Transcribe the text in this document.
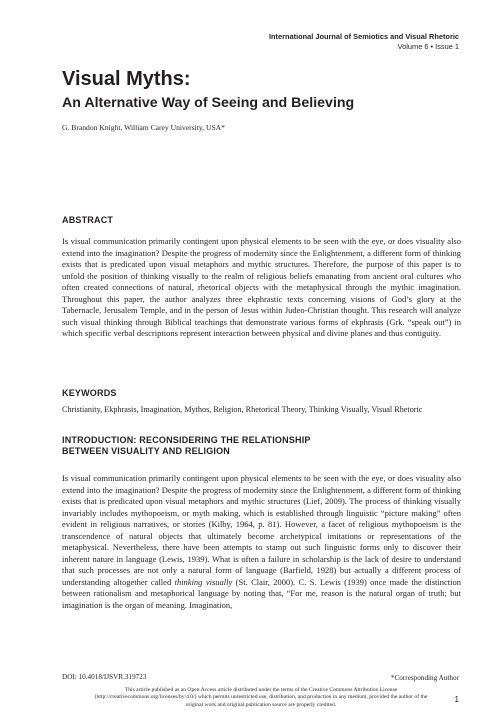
International Journal of Semiotics and Visual Rhetoric
Volume 6 • Issue 1
Visual Myths:
An Alternative Way of Seeing and Believing
G. Brandon Knight, William Carey University, USA*
ABSTRACT

Is visual communication primarily contingent upon physical elements to be seen with the eye, or does visuality also extend into the imagination? Despite the progress of modernity since the Enlightenment, a different form of thinking exists that is predicated upon visual metaphors and mythic structures. Therefore, the purpose of this paper is to unfold the position of thinking visually to the realm of religious beliefs emanating from ancient oral cultures who often created connections of natural, rhetorical objects with the metaphysical through the mythic imagination. Throughout this paper, the author analyzes three ekphrastic texts concerning visions of God’s glory at the Tabernacle, Jerusalem Temple, and in the person of Jesus within Judeo-Christian thought. This research will analyze such visual thinking through Biblical teachings that demonstrate various forms of ekphrasis (Grk. “speak out”) in which specific verbal descriptions represent interaction between physical and divine planes and thus contiguity.

KEYWORDS

Christianity, Ekphrasis, Imagination, Mythos, Religion, Rhetorical Theory, Thinking Visually, Visual Rhetoric

INTRODUCTION: RECONSIDERING THE RELATIONSHIP
BETWEEN VISUALITY AND RELIGION

Is visual communication primarily contingent upon physical elements to be seen with the eye, or does visuality also extend into the imagination? Despite the progress of modernity since the Enlightenment, a different form of thinking exists that is predicated upon visual metaphors and mythic structures (Lief, 2009). The process of thinking visually invariably includes mythopoeism, or myth making, which is established through linguistic “picture making” often evident in religious narratives, or stories (Kilby, 1964, p. 81). However, a facet of religious mythopoeism is the transcendence of natural objects that ultimately become archetypical imitations or representations of the metaphysical. Nevertheless, there have been attempts to stamp out such linguistic forms only to discover their inherent nature in language (Lewis, 1939). What is often a failure in scholarship is the lack of desire to understand that such processes are not only a natural form of language (Barfield, 1928) but actually a different process of understanding altogether called thinking visually (St. Clair, 2000). C. S. Lewis (1939) once made the distinction between rationalism and metaphorical language by noting that, “For me, reason is the natural organ of truth; but imagination is the organ of meaning. Imagination,

DOI: 10.4018/IJSVR.319723	*Corresponding Author
This article published as an Open Access article distributed under the terms of the Creative Commons Attribution License (http://creativecommons.org/licenses/by/4.0/) which permits unrestricted use, distribution, and production in any medium, provided the author of the original work and original publication source are properly credited.
1
